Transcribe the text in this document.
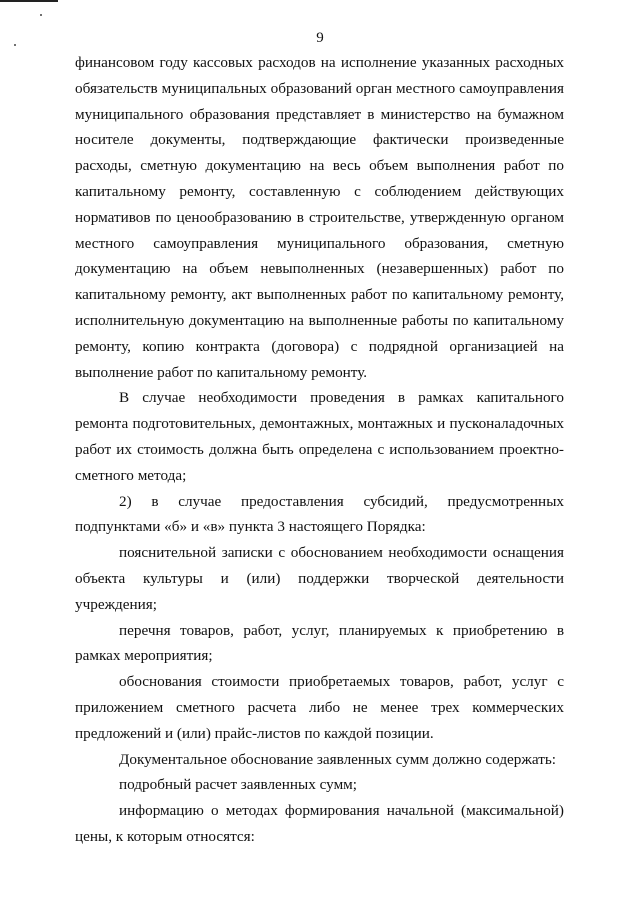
9

финансовом году кассовых расходов на исполнение указанных расходных обязательств муниципальных образований орган местного самоуправления муниципального образования представляет в министерство на бумажном носителе документы, подтверждающие фактически произведенные расходы, сметную документацию на весь объем выполнения работ по капитальному ремонту, составленную с соблюдением действующих нормативов по ценообразованию в строительстве, утвержденную органом местного самоуправления муниципального образования, сметную документацию на объем невыполненных (незавершенных) работ по капитальному ремонту, акт выполненных работ по капитальному ремонту, исполнительную документацию на выполненные работы по капитальному ремонту, копию контракта (договора) с подрядной организацией на выполнение работ по капитальному ремонту.

В случае необходимости проведения в рамках капитального ремонта подготовительных, демонтажных, монтажных и пусконаладочных работ их стоимость должна быть определена с использованием проектно-сметного метода;

2) в случае предоставления субсидий, предусмотренных подпунктами «б» и «в» пункта 3 настоящего Порядка:

пояснительной записки с обоснованием необходимости оснащения объекта культуры и (или) поддержки творческой деятельности учреждения;

перечня товаров, работ, услуг, планируемых к приобретению в рамках мероприятия;

обоснования стоимости приобретаемых товаров, работ, услуг с приложением сметного расчета либо не менее трех коммерческих предложений и (или) прайс-листов по каждой позиции.

Документальное обоснование заявленных сумм должно содержать:

подробный расчет заявленных сумм;

информацию о методах формирования начальной (максимальной) цены, к которым относятся:
